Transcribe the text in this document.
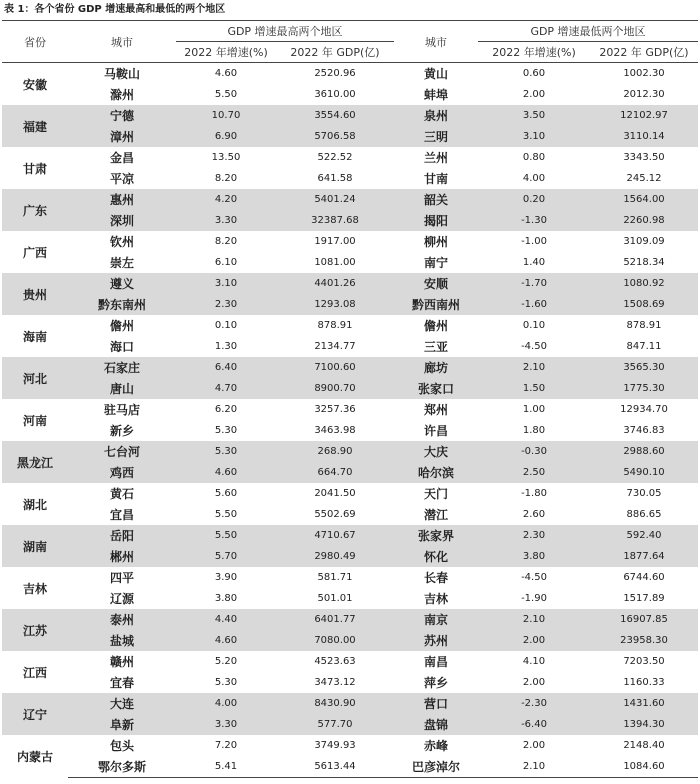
表 1：各个省份 GDP 增速最高和最低的两个地区
省份	城市	GDP 增速最高两个地区		城市	GDP 增速最低两个地区	
		2022 年增速(%)	2022 年 GDP(亿)		2022 年增速(%)	2022 年 GDP(亿)
安徽	马鞍山	4.60	2520.96	黄山	0.60	1002.30
	滁州	5.50	3610.00	蚌埠	2.00	2012.30
福建	宁德	10.70	3554.60	泉州	3.50	12102.97
	漳州	6.90	5706.58	三明	3.10	3110.14
甘肃	金昌	13.50	522.52	兰州	0.80	3343.50
	平凉	8.20	641.58	甘南	4.00	245.12
广东	惠州	4.20	5401.24	韶关	0.20	1564.00
	深圳	3.30	32387.68	揭阳	-1.30	2260.98
广西	钦州	8.20	1917.00	柳州	-1.00	3109.09
	崇左	6.10	1081.00	南宁	1.40	5218.34
贵州	遵义	3.10	4401.26	安顺	-1.70	1080.92
	黔东南州	2.30	1293.08	黔西南州	-1.60	1508.69
海南	儋州	0.10	878.91	儋州	0.10	878.91
	海口	1.30	2134.77	三亚	-4.50	847.11
河北	石家庄	6.40	7100.60	廊坊	2.10	3565.30
	唐山	4.70	8900.70	张家口	1.50	1775.30
河南	驻马店	6.20	3257.36	郑州	1.00	12934.70
	新乡	5.30	3463.98	许昌	1.80	3746.83
黑龙江	七台河	5.30	268.90	大庆	-0.30	2988.60
	鸡西	4.60	664.70	哈尔滨	2.50	5490.10
湖北	黄石	5.60	2041.50	天门	-1.80	730.05
	宜昌	5.50	5502.69	潜江	2.60	886.65
湖南	岳阳	5.50	4710.67	张家界	2.30	592.40
	郴州	5.70	2980.49	怀化	3.80	1877.64
吉林	四平	3.90	581.71	长春	-4.50	6744.60
	辽源	3.80	501.01	吉林	-1.90	1517.89
江苏	泰州	4.40	6401.77	南京	2.10	16907.85
	盐城	4.60	7080.00	苏州	2.00	23958.30
江西	赣州	5.20	4523.63	南昌	4.10	7203.50
	宜春	5.30	3473.12	萍乡	2.00	1160.33
辽宁	大连	4.00	8430.90	营口	-2.30	1431.60
	阜新	3.30	577.70	盘锦	-6.40	1394.30
内蒙古	包头	7.20	3749.93	赤峰	2.00	2148.40
	鄂尔多斯	5.41	5613.44	巴彦淖尔	2.10	1084.60
